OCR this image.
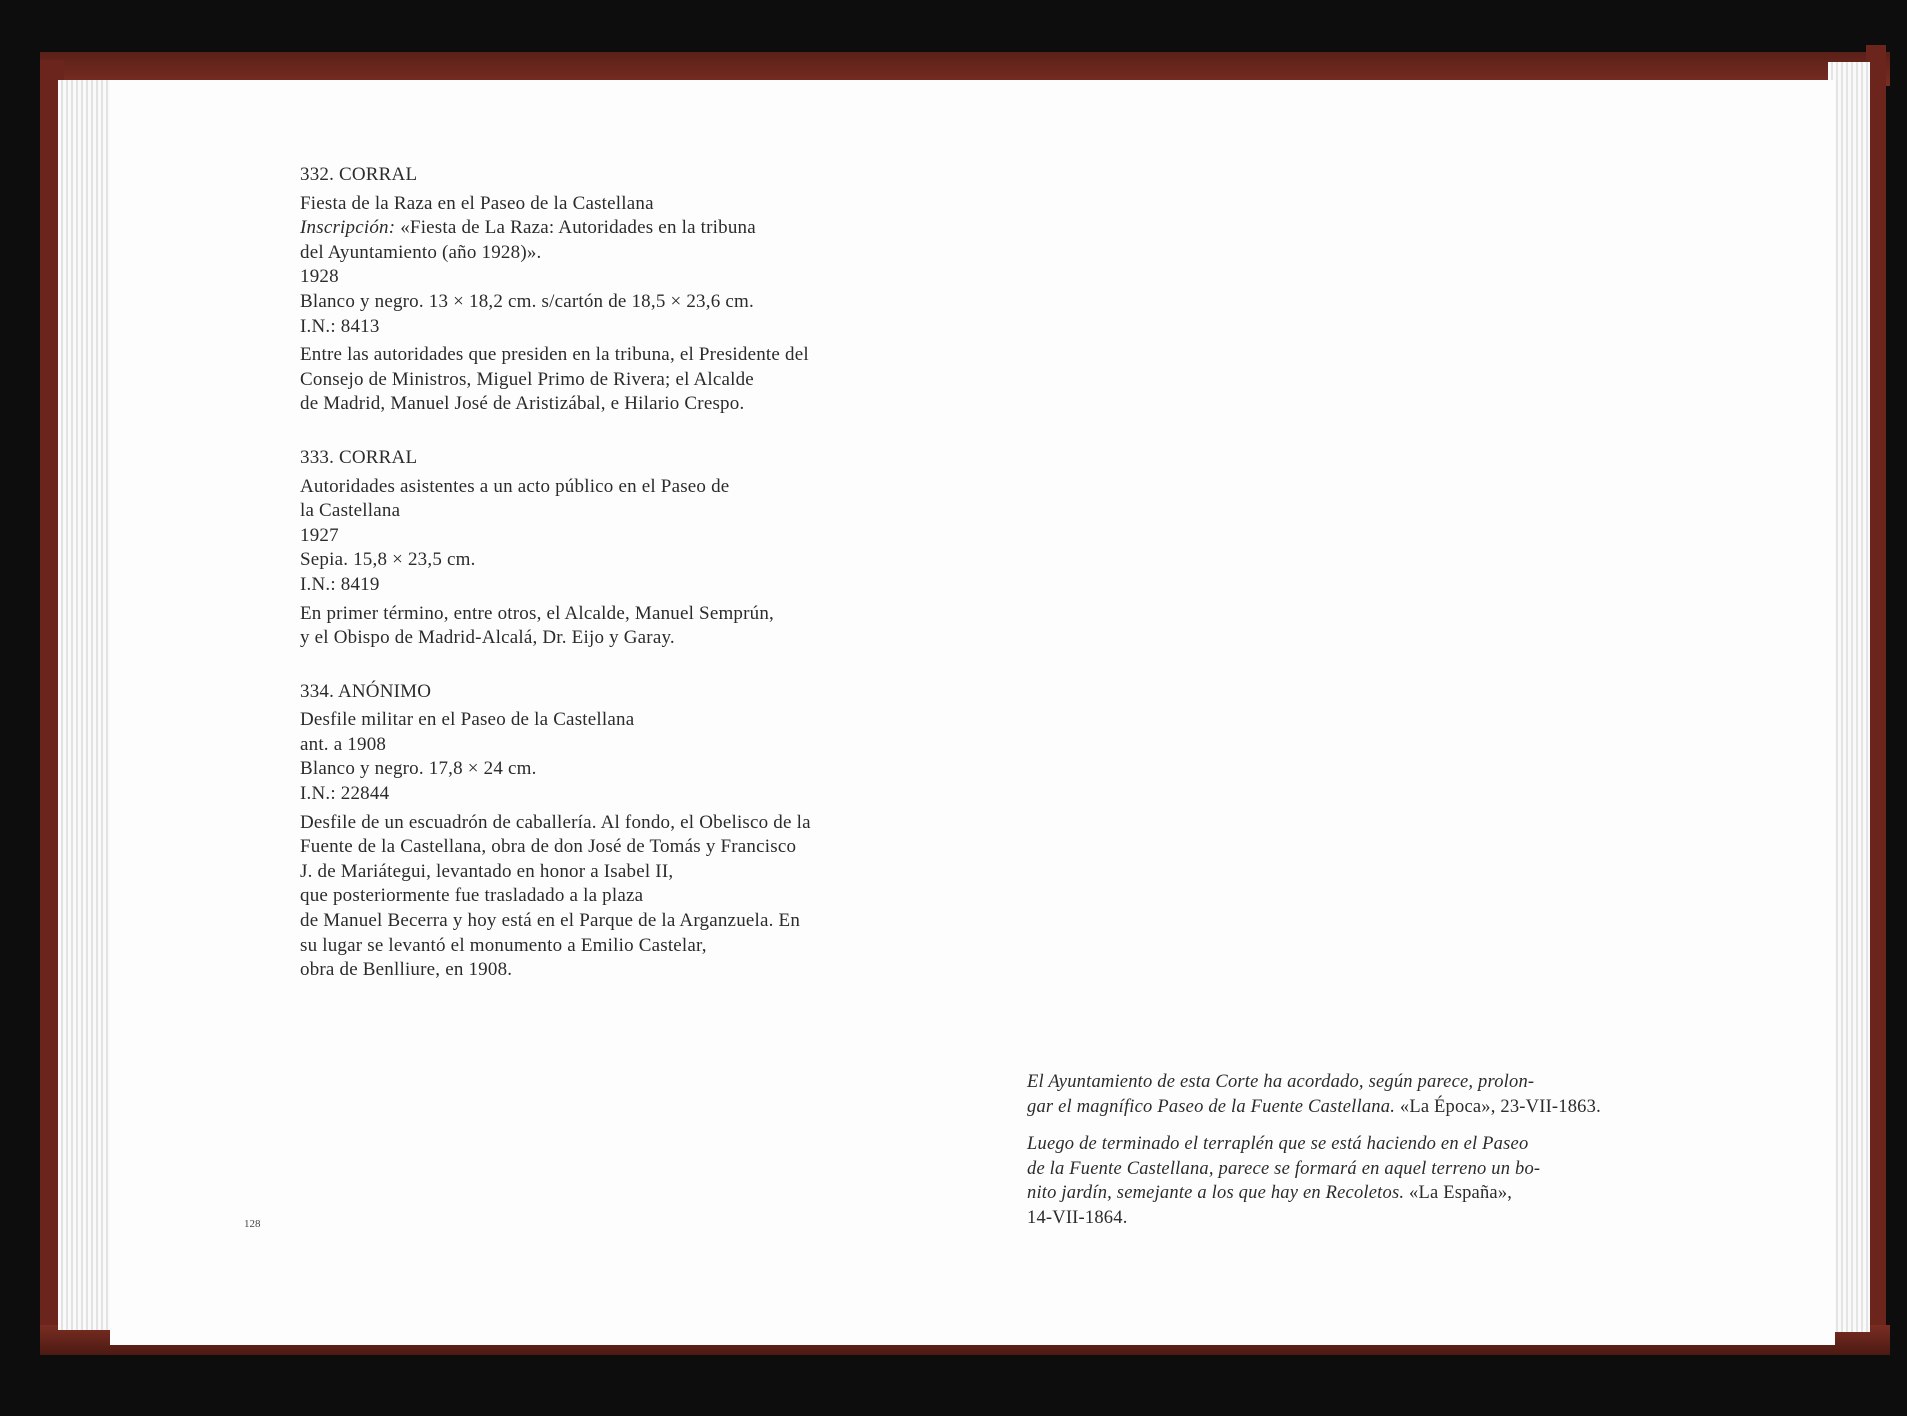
332. CORRAL
Fiesta de la Raza en el Paseo de la Castellana
Inscripción: «Fiesta de La Raza: Autoridades en la tribuna
del Ayuntamiento (año 1928)».
1928
Blanco y negro. 13 × 18,2 cm. s/cartón de 18,5 × 23,6 cm.
I.N.: 8413
Entre las autoridades que presiden en la tribuna, el Presidente del
Consejo de Ministros, Miguel Primo de Rivera; el Alcalde
de Madrid, Manuel José de Aristizábal, e Hilario Crespo.
333. CORRAL
Autoridades asistentes a un acto público en el Paseo de
la Castellana
1927
Sepia. 15,8 × 23,5 cm.
I.N.: 8419
En primer término, entre otros, el Alcalde, Manuel Semprún,
y el Obispo de Madrid-Alcalá, Dr. Eijo y Garay.
334. ANÓNIMO
Desfile militar en el Paseo de la Castellana
ant. a 1908
Blanco y negro. 17,8 × 24 cm.
I.N.: 22844
Desfile de un escuadrón de caballería. Al fondo, el Obelisco de la
Fuente de la Castellana, obra de don José de Tomás y Francisco
J. de Mariátegui, levantado en honor a Isabel II,
que posteriormente fue trasladado a la plaza
de Manuel Becerra y hoy está en el Parque de la Arganzuela. En
su lugar se levantó el monumento a Emilio Castelar,
obra de Benlliure, en 1908.
128
El Ayuntamiento de esta Corte ha acordado, según parece, prolon-
gar el magnífico Paseo de la Fuente Castellana. «La Época», 23-VII-1863.
Luego de terminado el terraplén que se está haciendo en el Paseo
de la Fuente Castellana, parece se formará en aquel terreno un bo-
nito jardín, semejante a los que hay en Recoletos. «La España»,
14-VII-1864.
